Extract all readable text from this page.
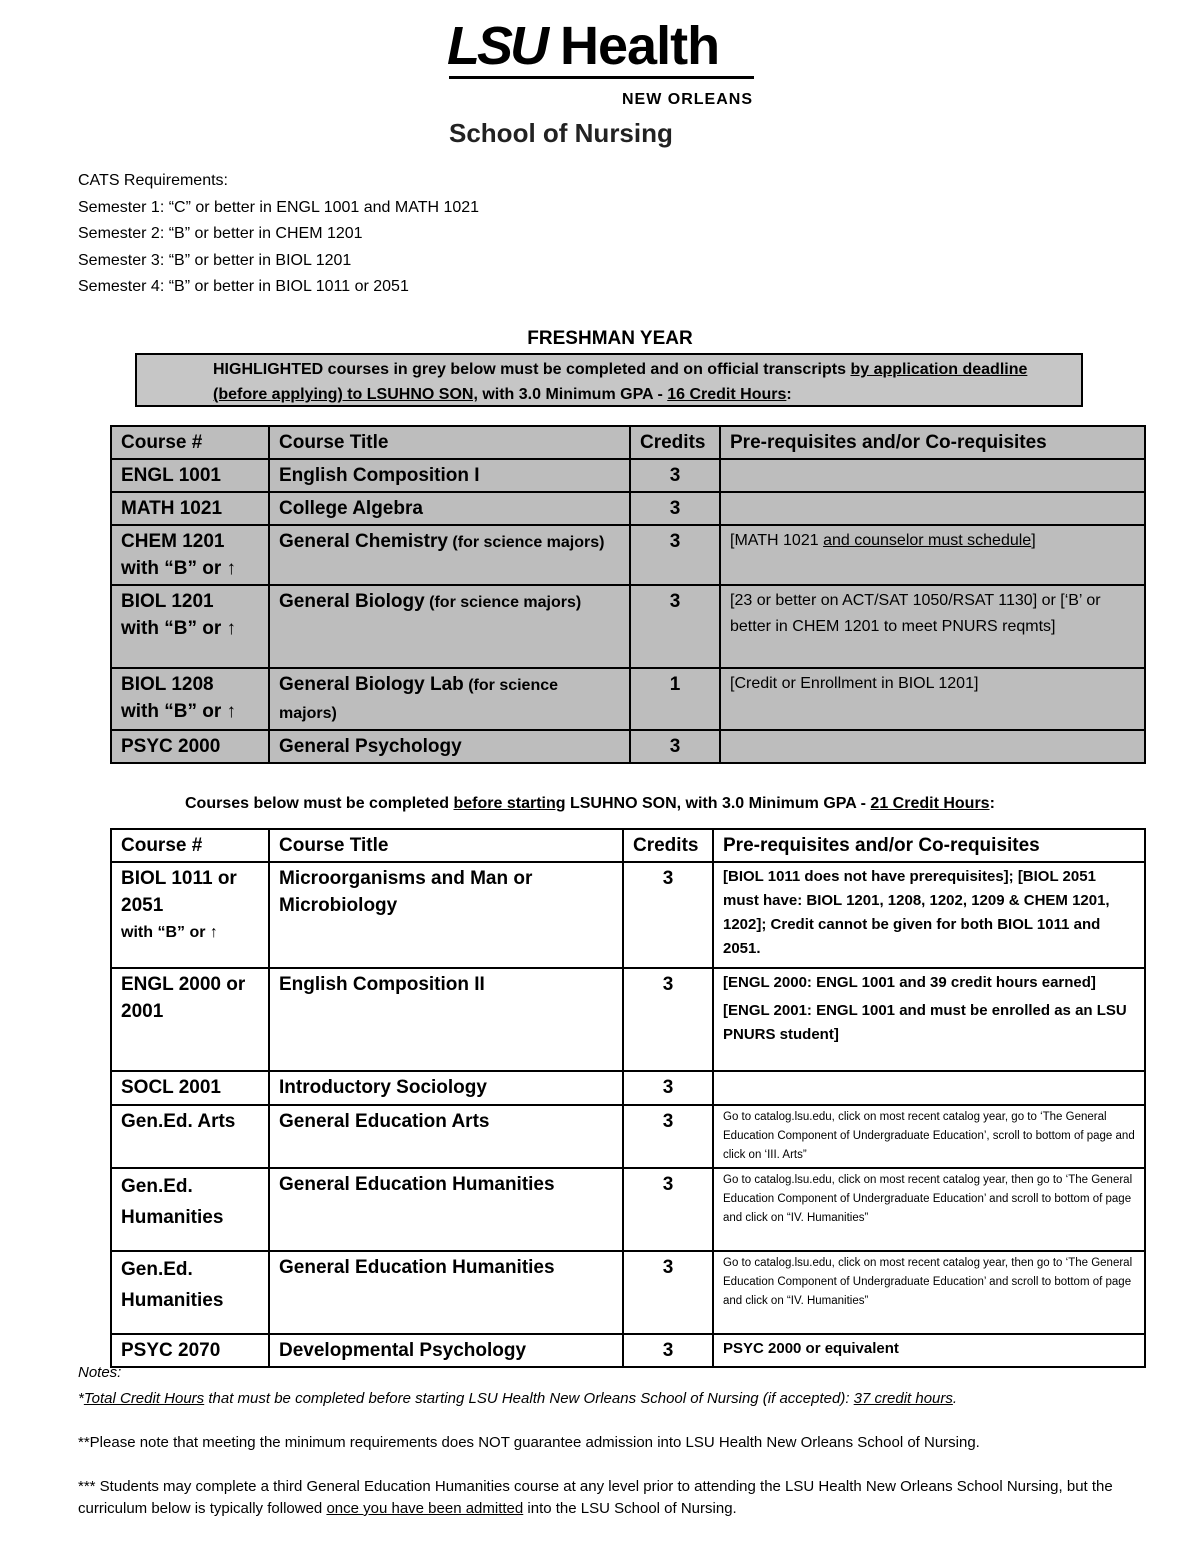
LSU Health
NEW ORLEANS
School of Nursing
CATS Requirements:
Semester 1: “C” or better in ENGL 1001 and MATH 1021
Semester 2: “B” or better in CHEM 1201
Semester 3: “B” or better in BIOL 1201
Semester 4: “B” or better in BIOL 1011 or 2051
FRESHMAN YEAR

HIGHLIGHTED courses in grey below must be completed and on official transcripts by application deadline (before applying) to LSUHNO SON, with 3.0 Minimum GPA - 16 Credit Hours:

Course #	Course Title	Credits	Pre-requisites and/or Co-requisites
ENGL 1001	English Composition I	3	
MATH 1021	College Algebra	3	

CHEM 1201
with “B” or ↑	General Chemistry (for science majors)	3	[MATH 1021 and counselor must schedule]

BIOL 1201
with “B” or ↑	General Biology (for science majors)	3	[23 or better on ACT/SAT 1050/RSAT 1130] or [‘B’ or better in CHEM 1201 to meet PNURS reqmts]

BIOL 1208
with “B” or ↑	General Biology Lab (for science majors)	1	[Credit or Enrollment in BIOL 1201]
PSYC 2000	General Psychology	3	
Courses below must be completed before starting LSUHNO SON, with 3.0 Minimum GPA - 21 Credit Hours:
Course #	Course Title	Credits	Pre-requisites and/or Co-requisites

BIOL 1011 or 2051
with “B” or ↑	Microorganisms and Man or Microbiology	3	[BIOL 1011 does not have prerequisites]; [BIOL 2051 must have: BIOL 1201, 1208, 1202, 1209 & CHEM 1201, 1202]; Credit cannot be given for both BIOL 1011 and 2051.

ENGL 2000 or 2001	English Composition II	3	[ENGL 2000: ENGL 1001 and 39 credit hours earned]

[ENGL 2001: ENGL 1001 and must be enrolled as an LSU PNURS student]

SOCL 2001	Introductory Sociology	3	
Gen.Ed. Arts	General Education Arts	3	Go to catalog.lsu.edu, click on most recent catalog year, go to ‘The General Education Component of Undergraduate Education’, scroll to bottom of page and click on ‘III. Arts”
Gen.Ed. Humanities	General Education Humanities	3	Go to catalog.lsu.edu, click on most recent catalog year, then go to ‘The General Education Component of Undergraduate Education’ and scroll to bottom of page and click on “IV. Humanities”
Gen.Ed. Humanities	General Education Humanities	3	Go to catalog.lsu.edu, click on most recent catalog year, then go to ‘The General Education Component of Undergraduate Education’ and scroll to bottom of page and click on “IV. Humanities”
PSYC 2070	Developmental Psychology	3	PSYC 2000 or equivalent

Notes:

*Total Credit Hours that must be completed before starting LSU Health New Orleans School of Nursing (if accepted): 37 credit hours.

**Please note that meeting the minimum requirements does NOT guarantee admission into LSU Health New Orleans School of Nursing.

*** Students may complete a third General Education Humanities course at any level prior to attending the LSU Health New Orleans School Nursing, but the curriculum below is typically followed once you have been admitted into the LSU School of Nursing.
